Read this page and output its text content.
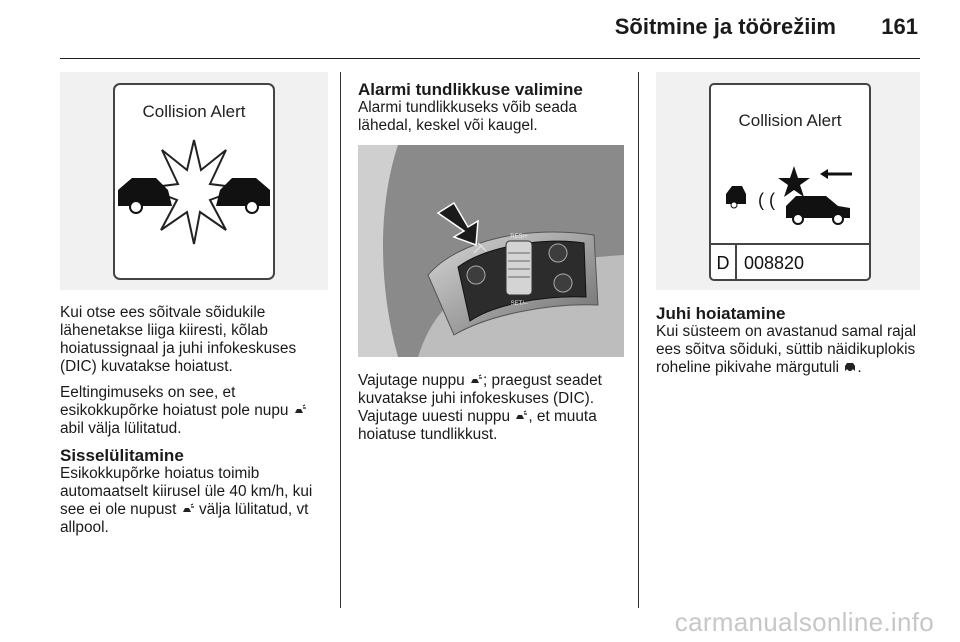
Sõitmine ja töörežiim 161
Collision Alert

Kui otse ees sõitvale sõidukile lähenetakse liiga kiiresti, kõlab hoiatussignaal ja juhi infokeskuses (DIC) kuvatakse hoiatust.

Eeltingimuseks on see, et esikokkupõrke hoiatust pole nupu  abil välja lülitatud.

Sisselülitamine

Esikokkupõrke hoiatus toimib automaatselt kiirusel üle 40 km/h, kui see ei ole nupust välja lülitatud, vt allpool.

Alarmi tundlikkuse valimine

Alarmi tundlikkuseks võib seada lähedal, keskel või kaugel.

RES/+
SET/–

Vajutage nuppu ; praegust seadet kuvatakse juhi infokeskuses (DIC). Vajutage uuesti nuppu , et muuta hoiatuse tundlikkust.

Collision Alert
( (
D 008820
Juhi hoiatamine

Kui süsteem on avastanud samal rajal ees sõitva sõiduki, süttib näidikuplokis roheline pikivahe märgutuli .

carmanualsonline.info
